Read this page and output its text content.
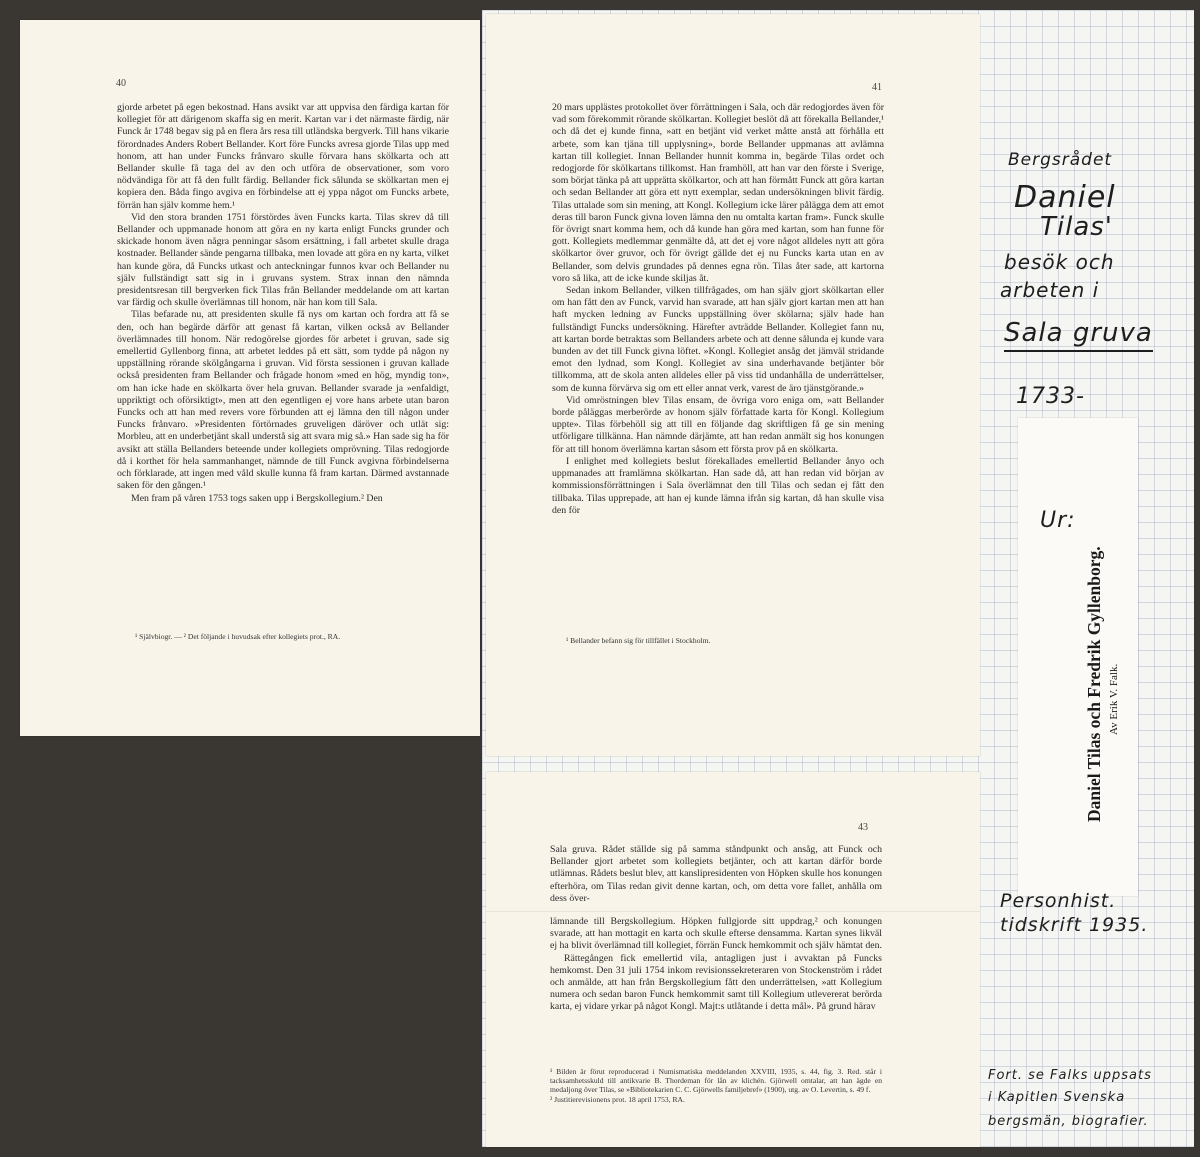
40

gjorde arbetet på egen bekostnad. Hans avsikt var att uppvisa den färdiga kartan för kollegiet för att därigenom skaffa sig en merit. Kartan var i det närmaste färdig, när Funck år 1748 begav sig på en flera års resa till utländska bergverk. Till hans vikarie förordnades Anders Robert Bellander. Kort före Funcks avresa gjorde Tilas upp med honom, att han under Funcks frånvaro skulle förvara hans skölkarta och att Bellander skulle få taga del av den och utföra de observationer, som voro nödvändiga för att få den fullt färdig. Bellander fick sålunda se skölkartan men ej kopiera den. Båda fingo avgiva en förbindelse att ej yppa något om Funcks arbete, förrän han själv komme hem.¹

Vid den stora branden 1751 förstördes även Funcks karta. Tilas skrev då till Bellander och uppmanade honom att göra en ny karta enligt Funcks grunder och skickade honom även några penningar såsom ersättning, i fall arbetet skulle draga kostnader. Bellander sände pengarna tillbaka, men lovade att göra en ny karta, vilket han kunde göra, då Funcks utkast och anteckningar funnos kvar och Bellander nu själv fullständigt satt sig in i gruvans system. Strax innan den nämnda presidentsresan till bergverken fick Tilas från Bellander meddelande om att kartan var färdig och skulle överlämnas till honom, när han kom till Sala.

Tilas befarade nu, att presidenten skulle få nys om kartan och fordra att få se den, och han begärde därför att genast få kartan, vilken också av Bellander överlämnades till honom. När redogörelse gjordes för arbetet i gruvan, sade sig emellertid Gyllenborg finna, att arbetet leddes på ett sätt, som tydde på någon ny uppställning rörande skölgångarna i gruvan. Vid första sessionen i gruvan kallade också presidenten fram Bellander och frågade honom »med en hög, myndig ton», om han icke hade en skölkarta över hela gruvan. Bellander svarade ja »enfaldigt, uppriktigt och oförsiktigt», men att den egentligen ej vore hans arbete utan baron Funcks och att han med revers vore förbunden att ej lämna den till någon under Funcks frånvaro. »Presidenten förtörnades gruveligen däröver och utlät sig: Morbleu, att en underbetjänt skall understå sig att svara mig så.» Han sade sig ha för avsikt att ställa Bellanders beteende under kollegiets omprövning. Tilas redogjorde då i korthet för hela sammanhanget, nämnde de till Funck avgivna förbindelserna och förklarade, att ingen med våld skulle kunna få fram kartan. Därmed avstannade saken för den gången.¹

Men fram på våren 1753 togs saken upp i Bergskollegium.² Den

¹ Självbiogr. — ² Det följande i huvudsak efter kollegiets prot., RA.

41

20 mars upplästes protokollet över förrättningen i Sala, och där redogjordes även för vad som förekommit rörande skölkartan. Kollegiet beslöt då att förekalla Bellander,¹ och då det ej kunde finna, »att en betjänt vid verket måtte anstå att förhålla ett arbete, som kan tjäna till upplysning», borde Bellander uppmanas att avlämna kartan till kollegiet. Innan Bellander hunnit komma in, begärde Tilas ordet och redogjorde för skölkartans tillkomst. Han framhöll, att han var den förste i Sverige, som börjat tänka på att upprätta skölkartor, och att han förmått Funck att göra kartan och sedan Bellander att göra ett nytt exemplar, sedan undersökningen blivit färdig. Tilas uttalade som sin mening, att Kongl. Kollegium icke lärer pålägga dem att emot deras till baron Funck givna loven lämna den nu omtalta kartan fram». Funck skulle för övrigt snart komma hem, och då kunde han göra med kartan, som han funne för gott. Kollegiets medlemmar genmälte då, att det ej vore något alldeles nytt att göra skölkartor över gruvor, och för övrigt gällde det ej nu Funcks karta utan en av Bellander, som delvis grundades på dennes egna rön. Tilas åter sade, att kartorna voro så lika, att de icke kunde skiljas åt.

Sedan inkom Bellander, vilken tillfrågades, om han själv gjort skölkartan eller om han fått den av Funck, varvid han svarade, att han själv gjort kartan men att han haft mycken ledning av Funcks uppställning över skölarna; själv hade han fullständigt Funcks undersökning. Härefter avträdde Bellander. Kollegiet fann nu, att kartan borde betraktas som Bellanders arbete och att denne sålunda ej kunde vara bunden av det till Funck givna löftet. »Kongl. Kollegiet ansåg det jämväl stridande emot den lydnad, som Kongl. Kollegiet av sina underhavande betjänter bör tillkomma, att de skola anten alldeles eller på viss tid undanhålla de underrättelser, som de kunna förvärva sig om ett eller annat verk, varest de äro tjänstgörande.»

Vid omröstningen blev Tilas ensam, de övriga voro eniga om, »att Bellander borde påläggas merberörde av honom själv författade karta för Kongl. Kollegium uppte». Tilas förbehöll sig att till en följande dag skriftligen få ge sin mening utförligare tillkänna. Han nämnde därjämte, att han redan anmält sig hos konungen för att till honom överlämna kartan såsom ett första prov på en skölkarta.

I enlighet med kollegiets beslut förekallades emellertid Bellander ånyo och uppmanades att framlämna skölkartan. Han sade då, att han redan vid början av kommissionsförrättningen i Sala överlämnat den till Tilas och sedan ej fått den tillbaka. Tilas upprepade, att han ej kunde lämna ifrån sig kartan, då han skulle visa den för

¹ Bellander befann sig för tillfället i Stockholm.

43

Sala gruva. Rådet ställde sig på samma ståndpunkt och ansåg, att Funck och Bellander gjort arbetet som kollegiets betjänter, och att kartan därför borde utlämnas. Rådets beslut blev, att kanslipresidenten von Höpken skulle hos konungen efterhöra, om Tilas redan givit denne kartan, och, om detta vore fallet, anhålla om dess över-

lämnande till Bergskollegium. Höpken fullgjorde sitt uppdrag,² och konungen svarade, att han mottagit en karta och skulle efterse densamma. Kartan synes likväl ej ha blivit överlämnad till kollegiet, förrän Funck hemkommit och själv hämtat den.

Rättegången fick emellertid vila, antagligen just i avvaktan på Funcks hemkomst. Den 31 juli 1754 inkom revisionssekreteraren von Stockenström i rådet och anmälde, att han från Bergskollegium fått den underrättelsen, »att Kollegium numera och sedan baron Funck hemkommit samt till Kollegium utlevererat berörda karta, ej vidare yrkar på något Kongl. Majt:s utlåtande i detta mål». På grund härav

¹ Bilden är förut reproducerad i Numismatiska meddelanden XXVIII, 1935, s. 44, fig. 3. Red. står i tacksamhetsskuld till antikvarie B. Thordeman för lån av klichén. Gjörwell omtalar, att han ägde en medaljong över Tilas, se »Bibliotekarien C. C. Gjörwells familjebref» (1900), utg. av O. Levertin, s. 49 f.

² Justitierevisionens prot. 18 april 1753, RA.

Bergsrådet
Daniel
Tilas'
besök och
arbeten i
Sala gruva
1733-
Ur:
Daniel Tilas och Fredrik Gyllenborg. Av Erik V. Falk.
Personhist.
tidskrift 1935.
Fort. se Falks uppsats
i Kapitlen Svenska
bergsmän, biografier.
